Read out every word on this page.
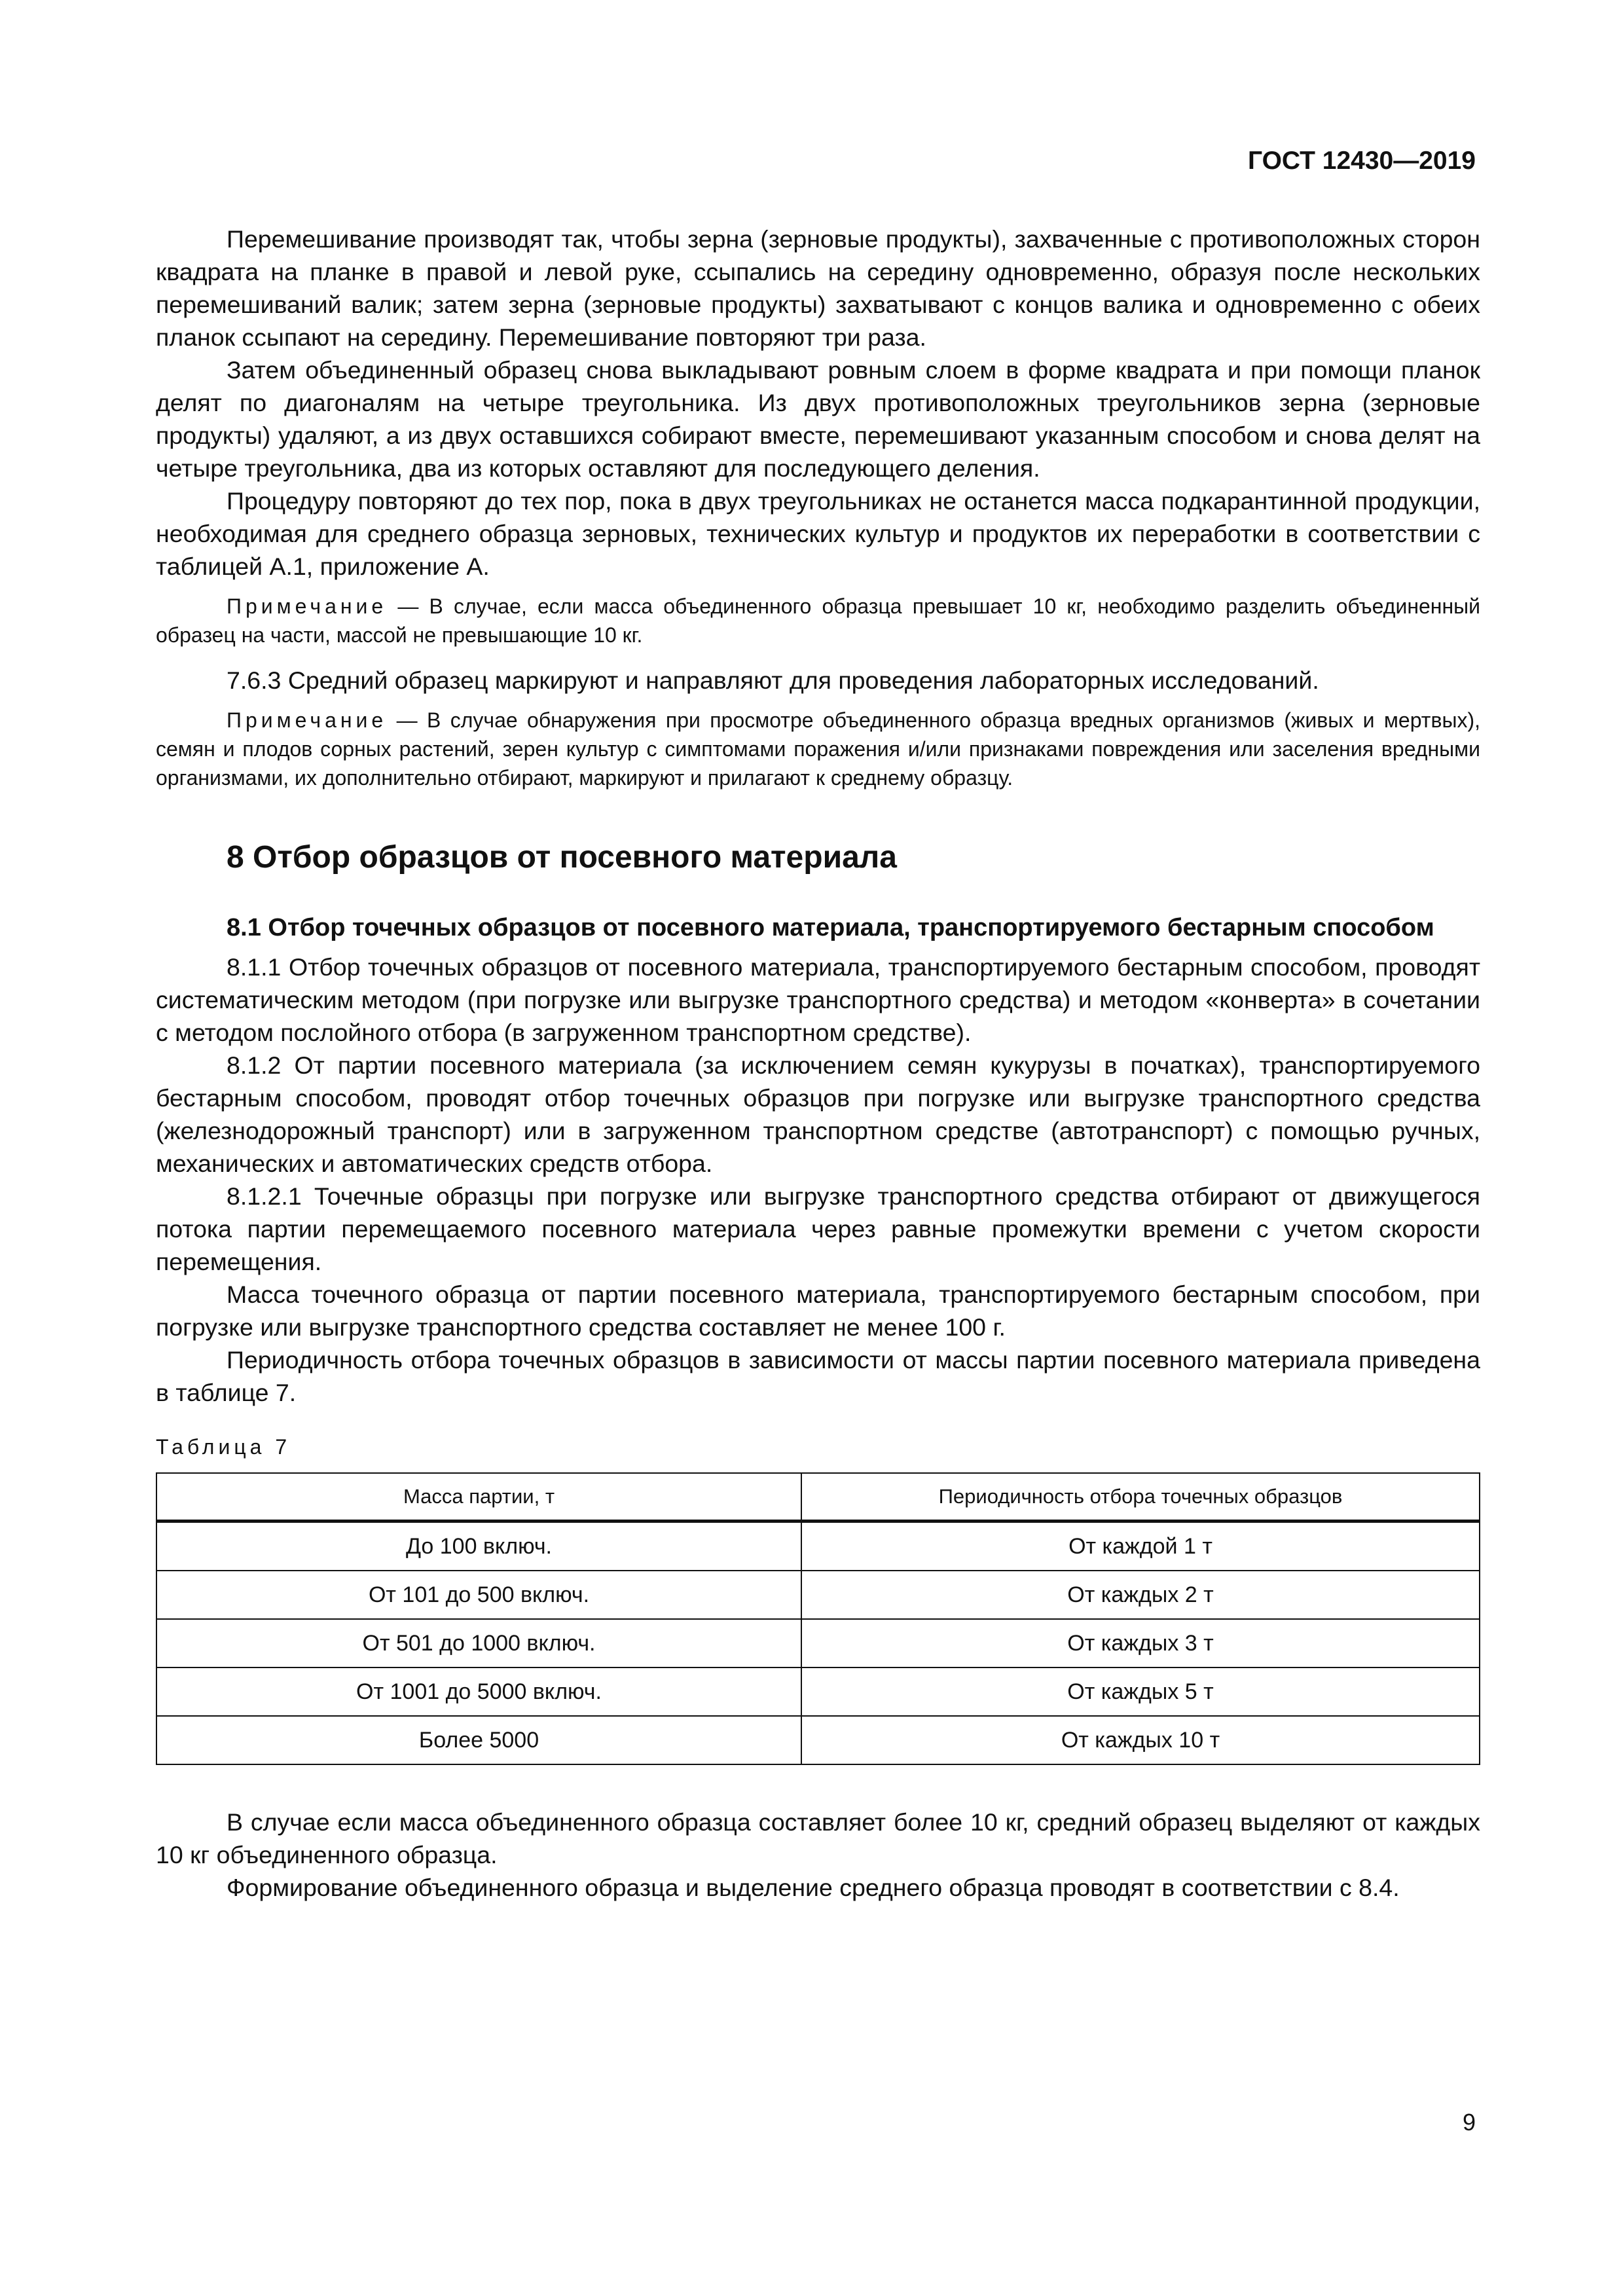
ГОСТ 12430—2019

Перемешивание производят так, чтобы зерна (зерновые продукты), захваченные с противоположных сторон квадрата на планке в правой и левой руке, ссыпались на середину одновременно, образуя после нескольких перемешиваний валик; затем зерна (зерновые продукты) захватывают с концов валика и одновременно с обеих планок ссыпают на середину. Перемешивание повторяют три раза.

Затем объединенный образец снова выкладывают ровным слоем в форме квадрата и при помощи планок делят по диагоналям на четыре треугольника. Из двух противоположных треугольников зерна (зерновые продукты) удаляют, а из двух оставшихся собирают вместе, перемешивают указанным способом и снова делят на четыре треугольника, два из которых оставляют для последующего деления.

Процедуру повторяют до тех пор, пока в двух треугольниках не останется масса подкарантинной продукции, необходимая для среднего образца зерновых, технических культур и продуктов их переработки в соответствии с таблицей А.1, приложение А.

Примечание — В случае, если масса объединенного образца превышает 10 кг, необходимо разделить объединенный образец на части, массой не превышающие 10 кг.

7.6.3 Средний образец маркируют и направляют для проведения лабораторных исследований.

Примечание — В случае обнаружения при просмотре объединенного образца вредных организмов (живых и мертвых), семян и плодов сорных растений, зерен культур с симптомами поражения и/или признаками повреждения или заселения вредными организмами, их дополнительно отбирают, маркируют и прилагают к среднему образцу.

8 Отбор образцов от посевного материала
8.1 Отбор точечных образцов от посевного материала, транспортируемого бестарным способом

8.1.1 Отбор точечных образцов от посевного материала, транспортируемого бестарным способом, проводят систематическим методом (при погрузке или выгрузке транспортного средства) и методом «конверта» в сочетании с методом послойного отбора (в загруженном транспортном средстве).

8.1.2 От партии посевного материала (за исключением семян кукурузы в початках), транспортируемого бестарным способом, проводят отбор точечных образцов при погрузке или выгрузке транспортного средства (железнодорожный транспорт) или в загруженном транспортном средстве (автотранспорт) с помощью ручных, механических и автоматических средств отбора.

8.1.2.1 Точечные образцы при погрузке или выгрузке транспортного средства отбирают от движущегося потока партии перемещаемого посевного материала через равные промежутки времени с учетом скорости перемещения.

Масса точечного образца от партии посевного материала, транспортируемого бестарным способом, при погрузке или выгрузке транспортного средства составляет не менее 100 г.

Периодичность отбора точечных образцов в зависимости от массы партии посевного материала приведена в таблице 7.

Таблица 7
Масса партии, т	Периодичность отбора точечных образцов
До 100 включ.	От каждой 1 т
От 101 до 500 включ.	От каждых 2 т
От 501 до 1000 включ.	От каждых 3 т
От 1001 до 5000 включ.	От каждых 5 т
Более 5000	От каждых 10 т

В случае если масса объединенного образца составляет более 10 кг, средний образец выделяют от каждых 10 кг объединенного образца.

Формирование объединенного образца и выделение среднего образца проводят в соответствии с 8.4.

9
